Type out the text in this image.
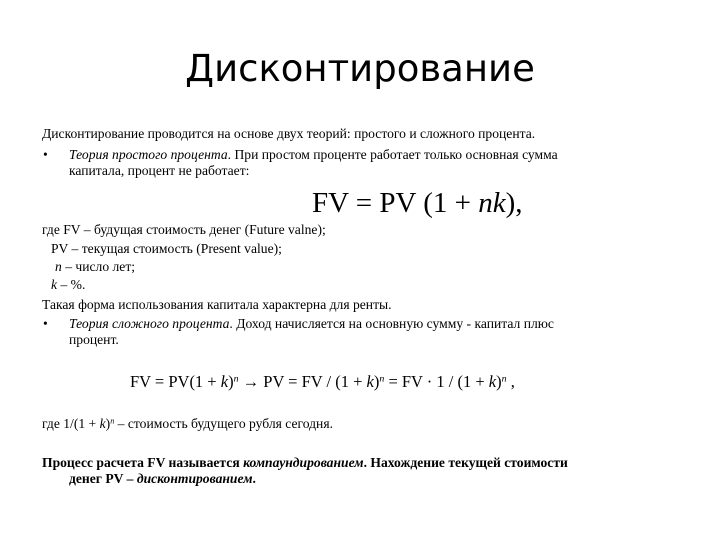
Дисконтирование
Дисконтирование проводится на основе двух теорий: простого и сложного процента.
• Теория простого процента. При простом проценте работает только основная сумма
капитала, процент не работает:
FV = PV (1 + nk),
где FV – будущая стоимость денег (Future valne);
PV – текущая стоимость (Present value);
n – число лет;
k – %.
Такая форма использования капитала характерна для ренты.
• Теория сложного процента. Доход начисляется на основную сумму - капитал плюс
процент.
FV = $PV(1 + k)^n$ → PV = FV / $(1 + k)^n$ = FV · $1 / (1 + k)^n$ ,
где $1/(1 + k)^n$ – стоимость будущего рубля сегодня.
Процесс расчета FV называется компаундированием. Нахождение текущей стоимости
денег PV – дисконтированием.
